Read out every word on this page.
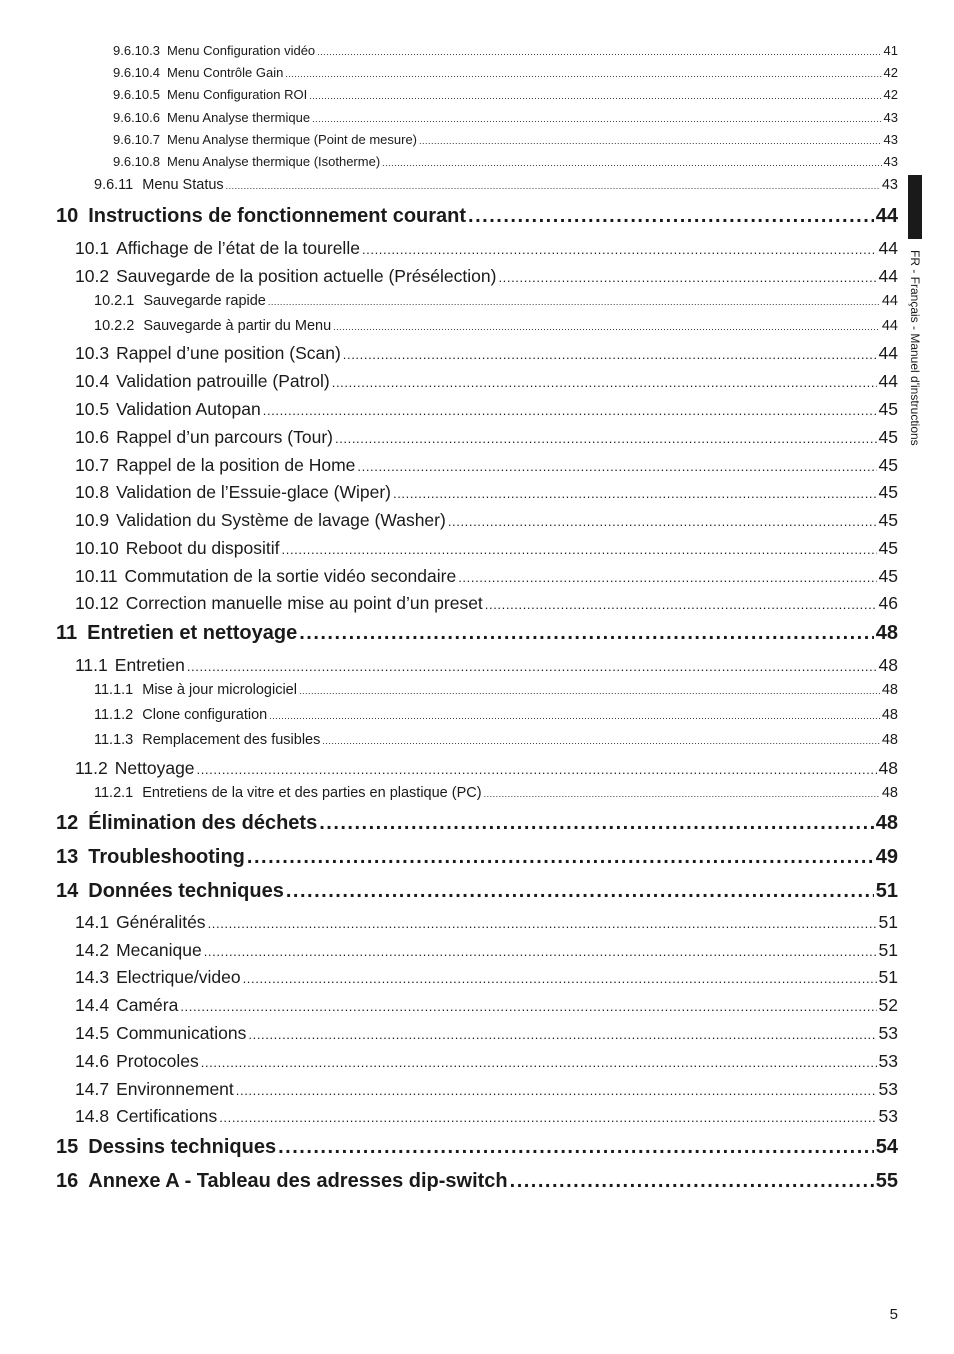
9.6.10.3 Menu Configuration vidéo .....	41
9.6.10.4 Menu Contrôle Gain .....	42
9.6.10.5 Menu Configuration ROI .....	42
9.6.10.6 Menu Analyse thermique .....	43
9.6.10.7 Menu Analyse thermique (Point de mesure) .....	43
9.6.10.8 Menu Analyse thermique (Isotherme) .....	43
9.6.11 Menu Status .....	43
10 Instructions de fonctionnement courant .....	44
10.1 Affichage de l’état de la tourelle .....	44
10.2 Sauvegarde de la position actuelle (Présélection) .....	44
10.2.1 Sauvegarde rapide .....	44
10.2.2 Sauvegarde à partir du Menu .....	44
10.3 Rappel d’une position (Scan) .....	44
10.4 Validation patrouille (Patrol) .....	44
10.5 Validation Autopan .....	45
10.6 Rappel d’un parcours (Tour) .....	45
10.7 Rappel de la position de Home .....	45
10.8 Validation de l’Essuie-glace (Wiper) .....	45
10.9 Validation du Système de lavage (Washer) .....	45
10.10 Reboot du dispositif .....	45
10.11 Commutation de la sortie vidéo secondaire .....	45
10.12 Correction manuelle mise au point d’un preset .....	46
11 Entretien et nettoyage .....	48
11.1 Entretien .....	48
11.1.1 Mise à jour micrologiciel .....	48
11.1.2 Clone configuration .....	48
11.1.3 Remplacement des fusibles .....	48
11.2 Nettoyage .....	48
11.2.1 Entretiens de la vitre et des parties en plastique (PC) .....	48
12 Élimination des déchets .....	48
13 Troubleshooting .....	49
14 Données techniques .....	51
14.1 Généralités .....	51
14.2 Mecanique .....	51
14.3 Electrique/video .....	51
14.4 Caméra .....	52
14.5 Communications .....	53
14.6 Protocoles .....	53
14.7 Environnement .....	53
14.8 Certifications .....	53
15 Dessins techniques .....	54
16 Annexe A - Tableau des adresses dip-switch .....	55
FR - Français - Manuel d'instructions
5
